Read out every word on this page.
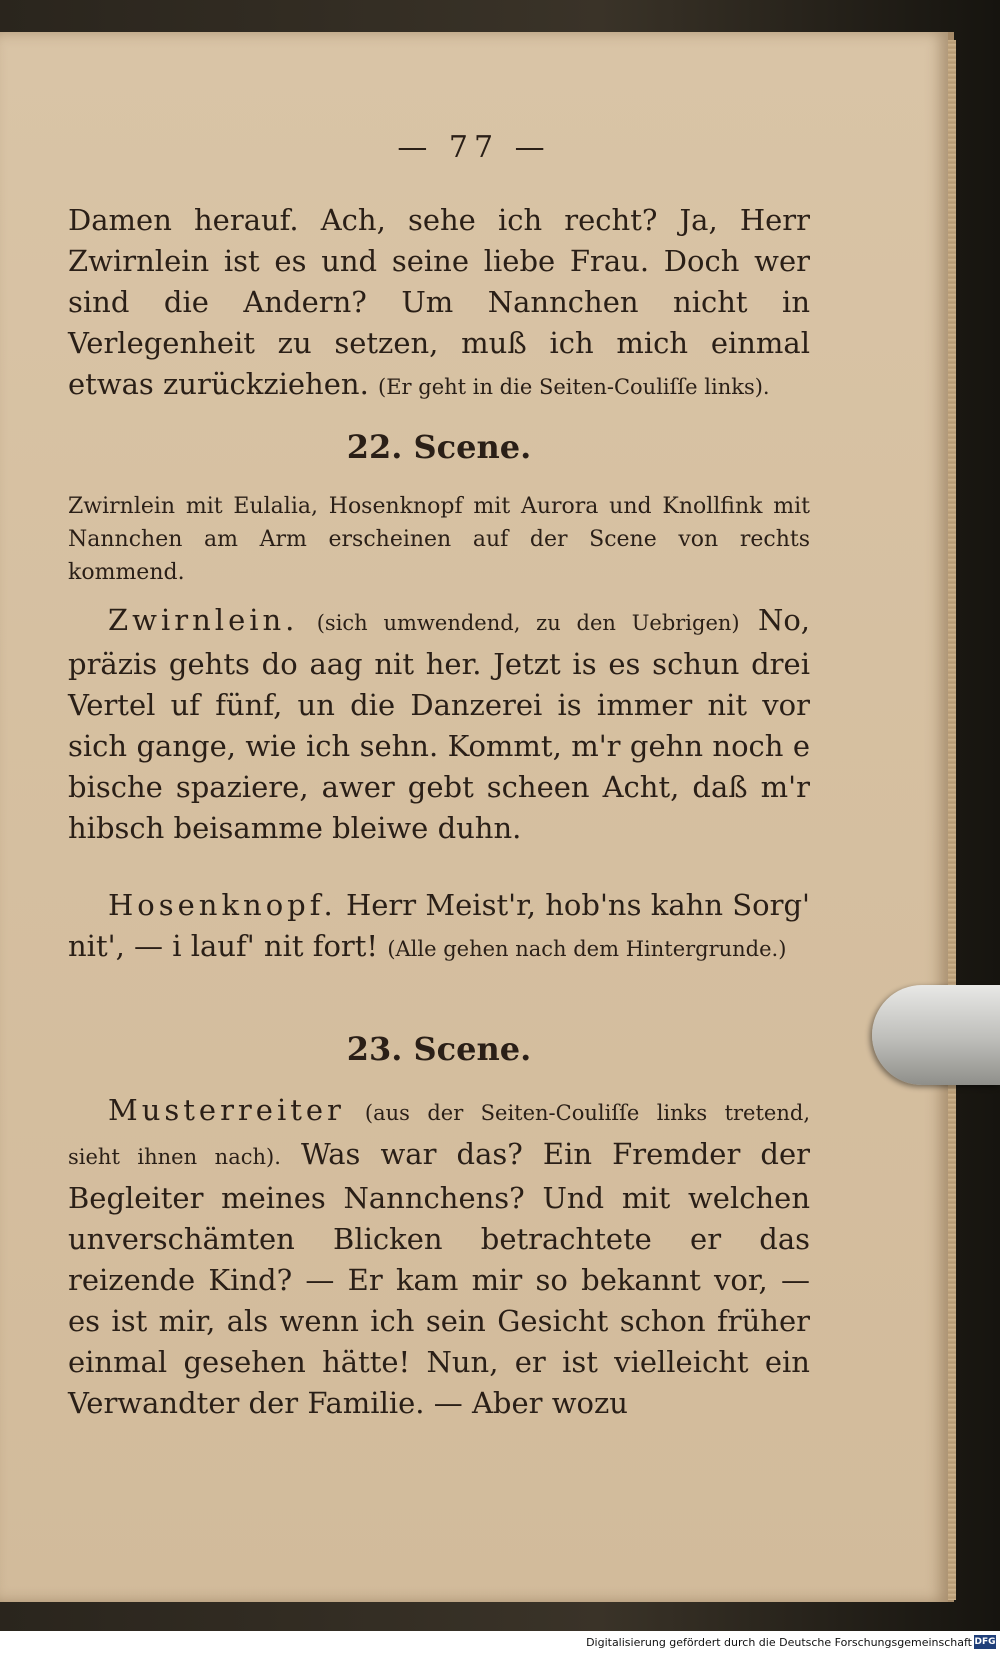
— 77 —

Damen herauf. Ach, sehe ich recht? Ja, Herr Zwirnlein ist es und seine liebe Frau. Doch wer sind die Andern? Um Nannchen nicht in Verlegenheit zu setzen, muß ich mich einmal etwas zurückziehen. (Er geht in die Seiten-Couliſſe links).

22. Scene.

Zwirnlein mit Eulalia, Hosenknopf mit Aurora und Knollfink mit Nannchen am Arm erscheinen auf der Scene von rechts kommend.

Zwirnlein. (sich umwendend, zu den Uebrigen) No, präzis gehts do aag nit her. Jetzt is es schun drei Vertel uf fünf, un die Danzerei is immer nit vor sich gange, wie ich sehn. Kommt, m'r gehn noch e bische spaziere, awer gebt scheen Acht, daß m'r hibsch beisamme bleiwe duhn.

Hosenknopf. Herr Meist'r, hob'ns kahn Sorg' nit', — i lauf' nit fort! (Alle gehen nach dem Hintergrunde.)

23. Scene.

Musterreiter (aus der Seiten-Couliſſe links tretend, sieht ihnen nach). Was war das? Ein Fremder der Begleiter meines Nannchens? Und mit welchen unverschämten Blicken betrachtete er das reizende Kind? — Er kam mir so bekannt vor, — es ist mir, als wenn ich sein Gesicht schon früher einmal gesehen hätte! Nun, er ist vielleicht ein Verwandter der Familie. — Aber wozu

Digitalisierung gefördert durch die Deutsche Forschungsgemeinschaft DFG
